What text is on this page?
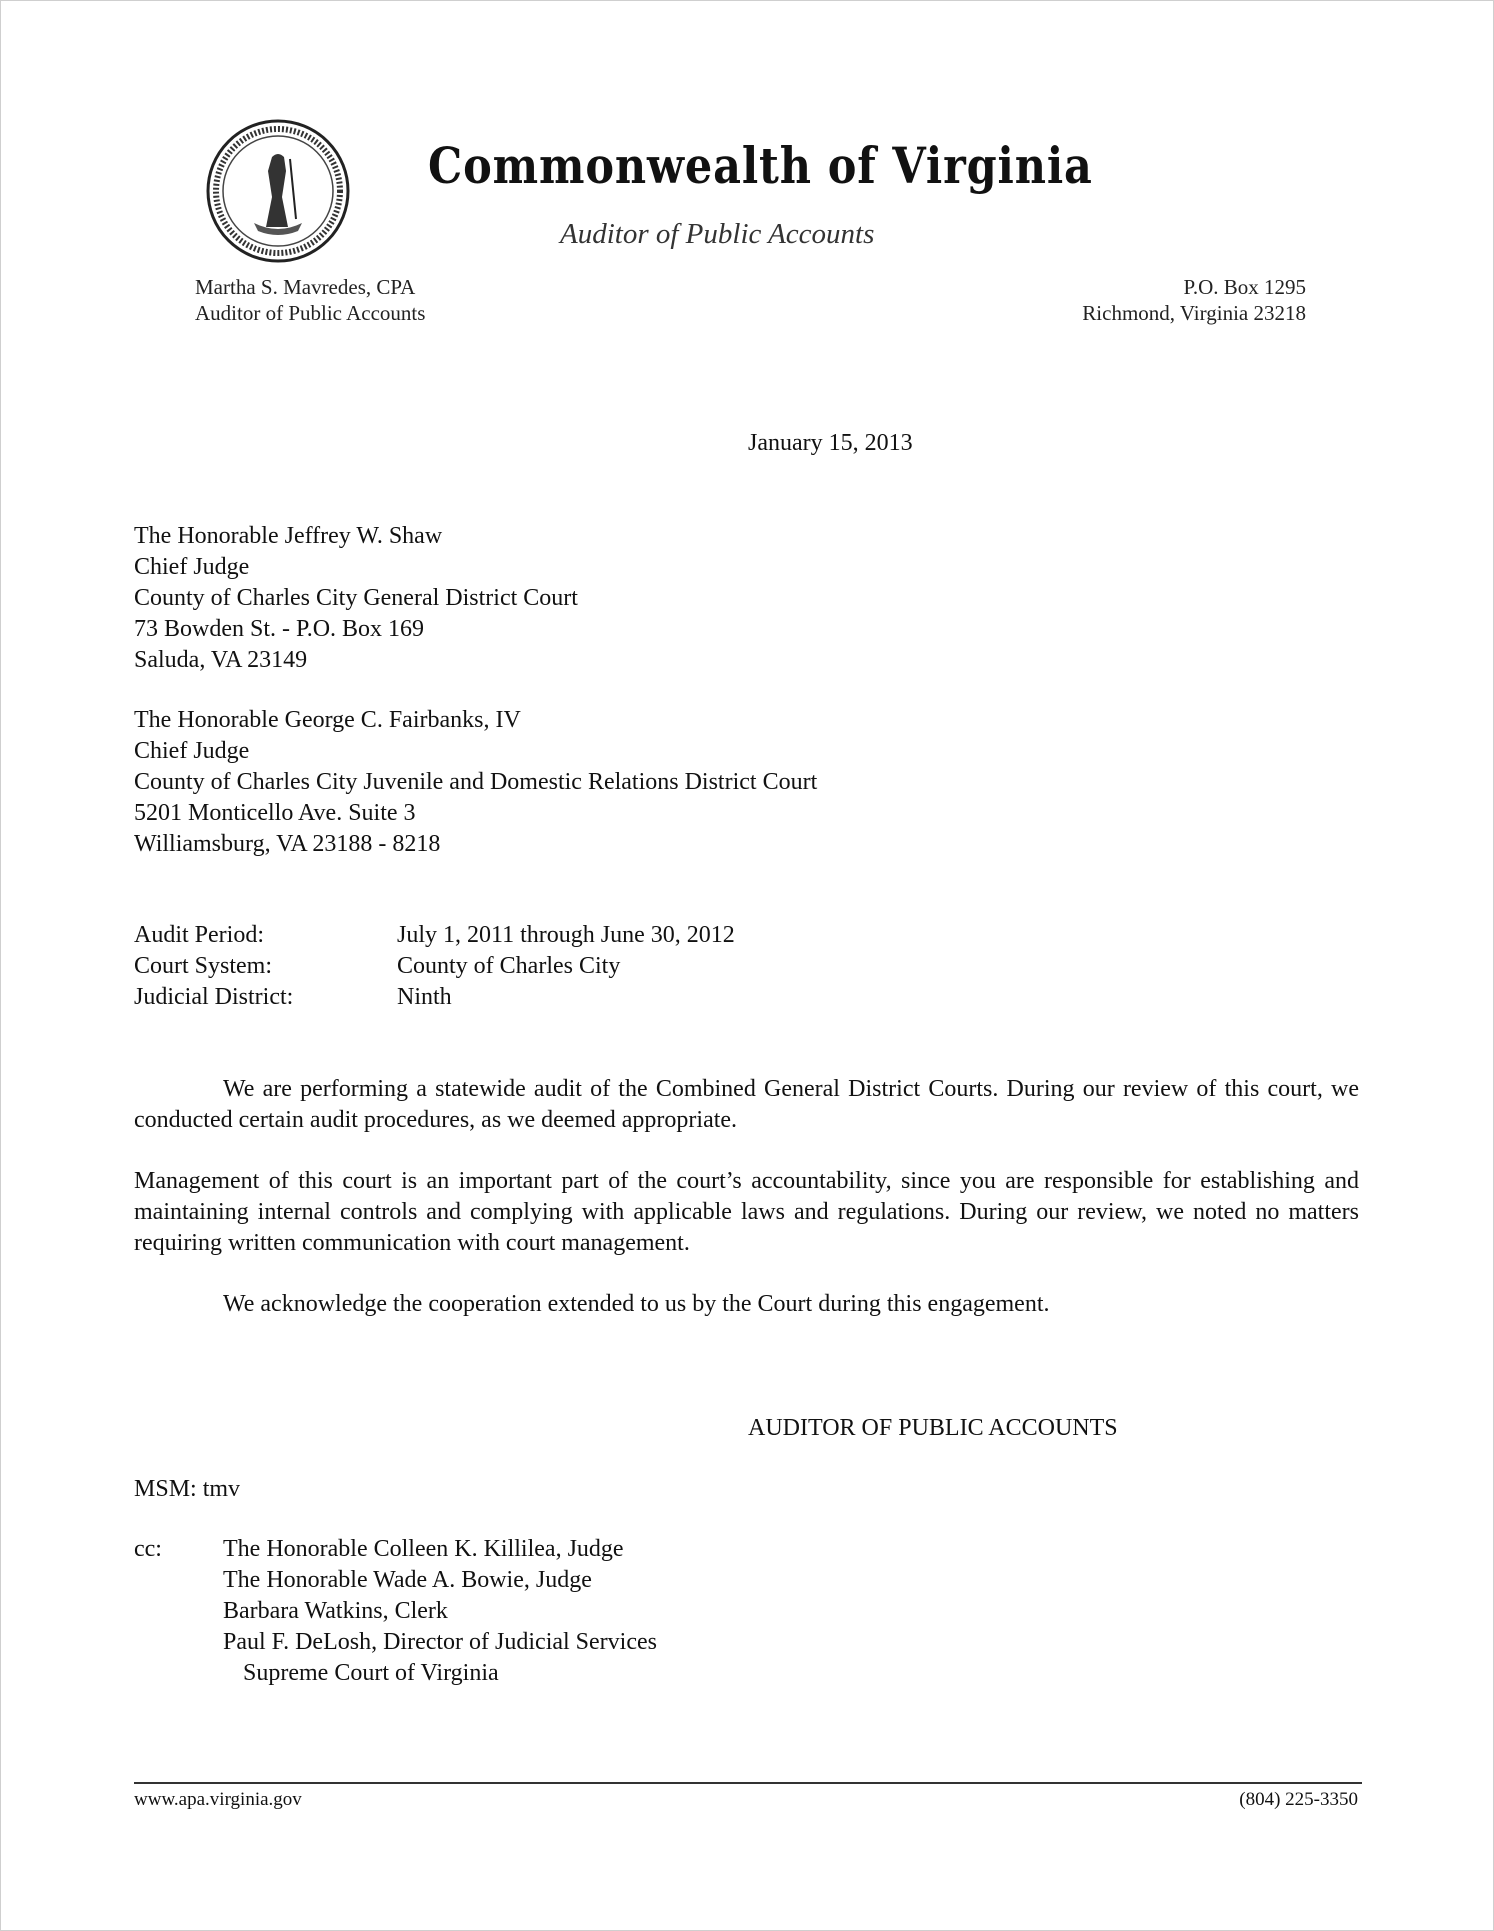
Commonwealth of Virginia
Auditor of Public Accounts
Martha S. Mavredes, CPA
Auditor of Public Accounts
P.O. Box 1295
Richmond, Virginia 23218
January 15, 2013
The Honorable Jeffrey W. Shaw
Chief Judge
County of Charles City General District Court
73 Bowden St. - P.O. Box 169
Saluda, VA 23149
The Honorable George C. Fairbanks, IV
Chief Judge
County of Charles City Juvenile and Domestic Relations District Court
5201 Monticello Ave. Suite 3
Williamsburg, VA 23188 - 8218
Audit Period:	July 1, 2011 through June 30, 2012
Court System:	County of Charles City
Judicial District:	Ninth
We are performing a statewide audit of the Combined General District Courts. During our review of this court, we conducted certain audit procedures, as we deemed appropriate.
Management of this court is an important part of the court’s accountability, since you are responsible for establishing and maintaining internal controls and complying with applicable laws and regulations. During our review, we noted no matters requiring written communication with court management.
We acknowledge the cooperation extended to us by the Court during this engagement.
AUDITOR OF PUBLIC ACCOUNTS
MSM: tmv
cc:	The Honorable Colleen K. Killilea, Judge
The Honorable Wade A. Bowie, Judge
Barbara Watkins, Clerk
Paul F. DeLosh, Director of Judicial Services
Supreme Court of Virginia
www.apa.virginia.gov	(804) 225-3350
